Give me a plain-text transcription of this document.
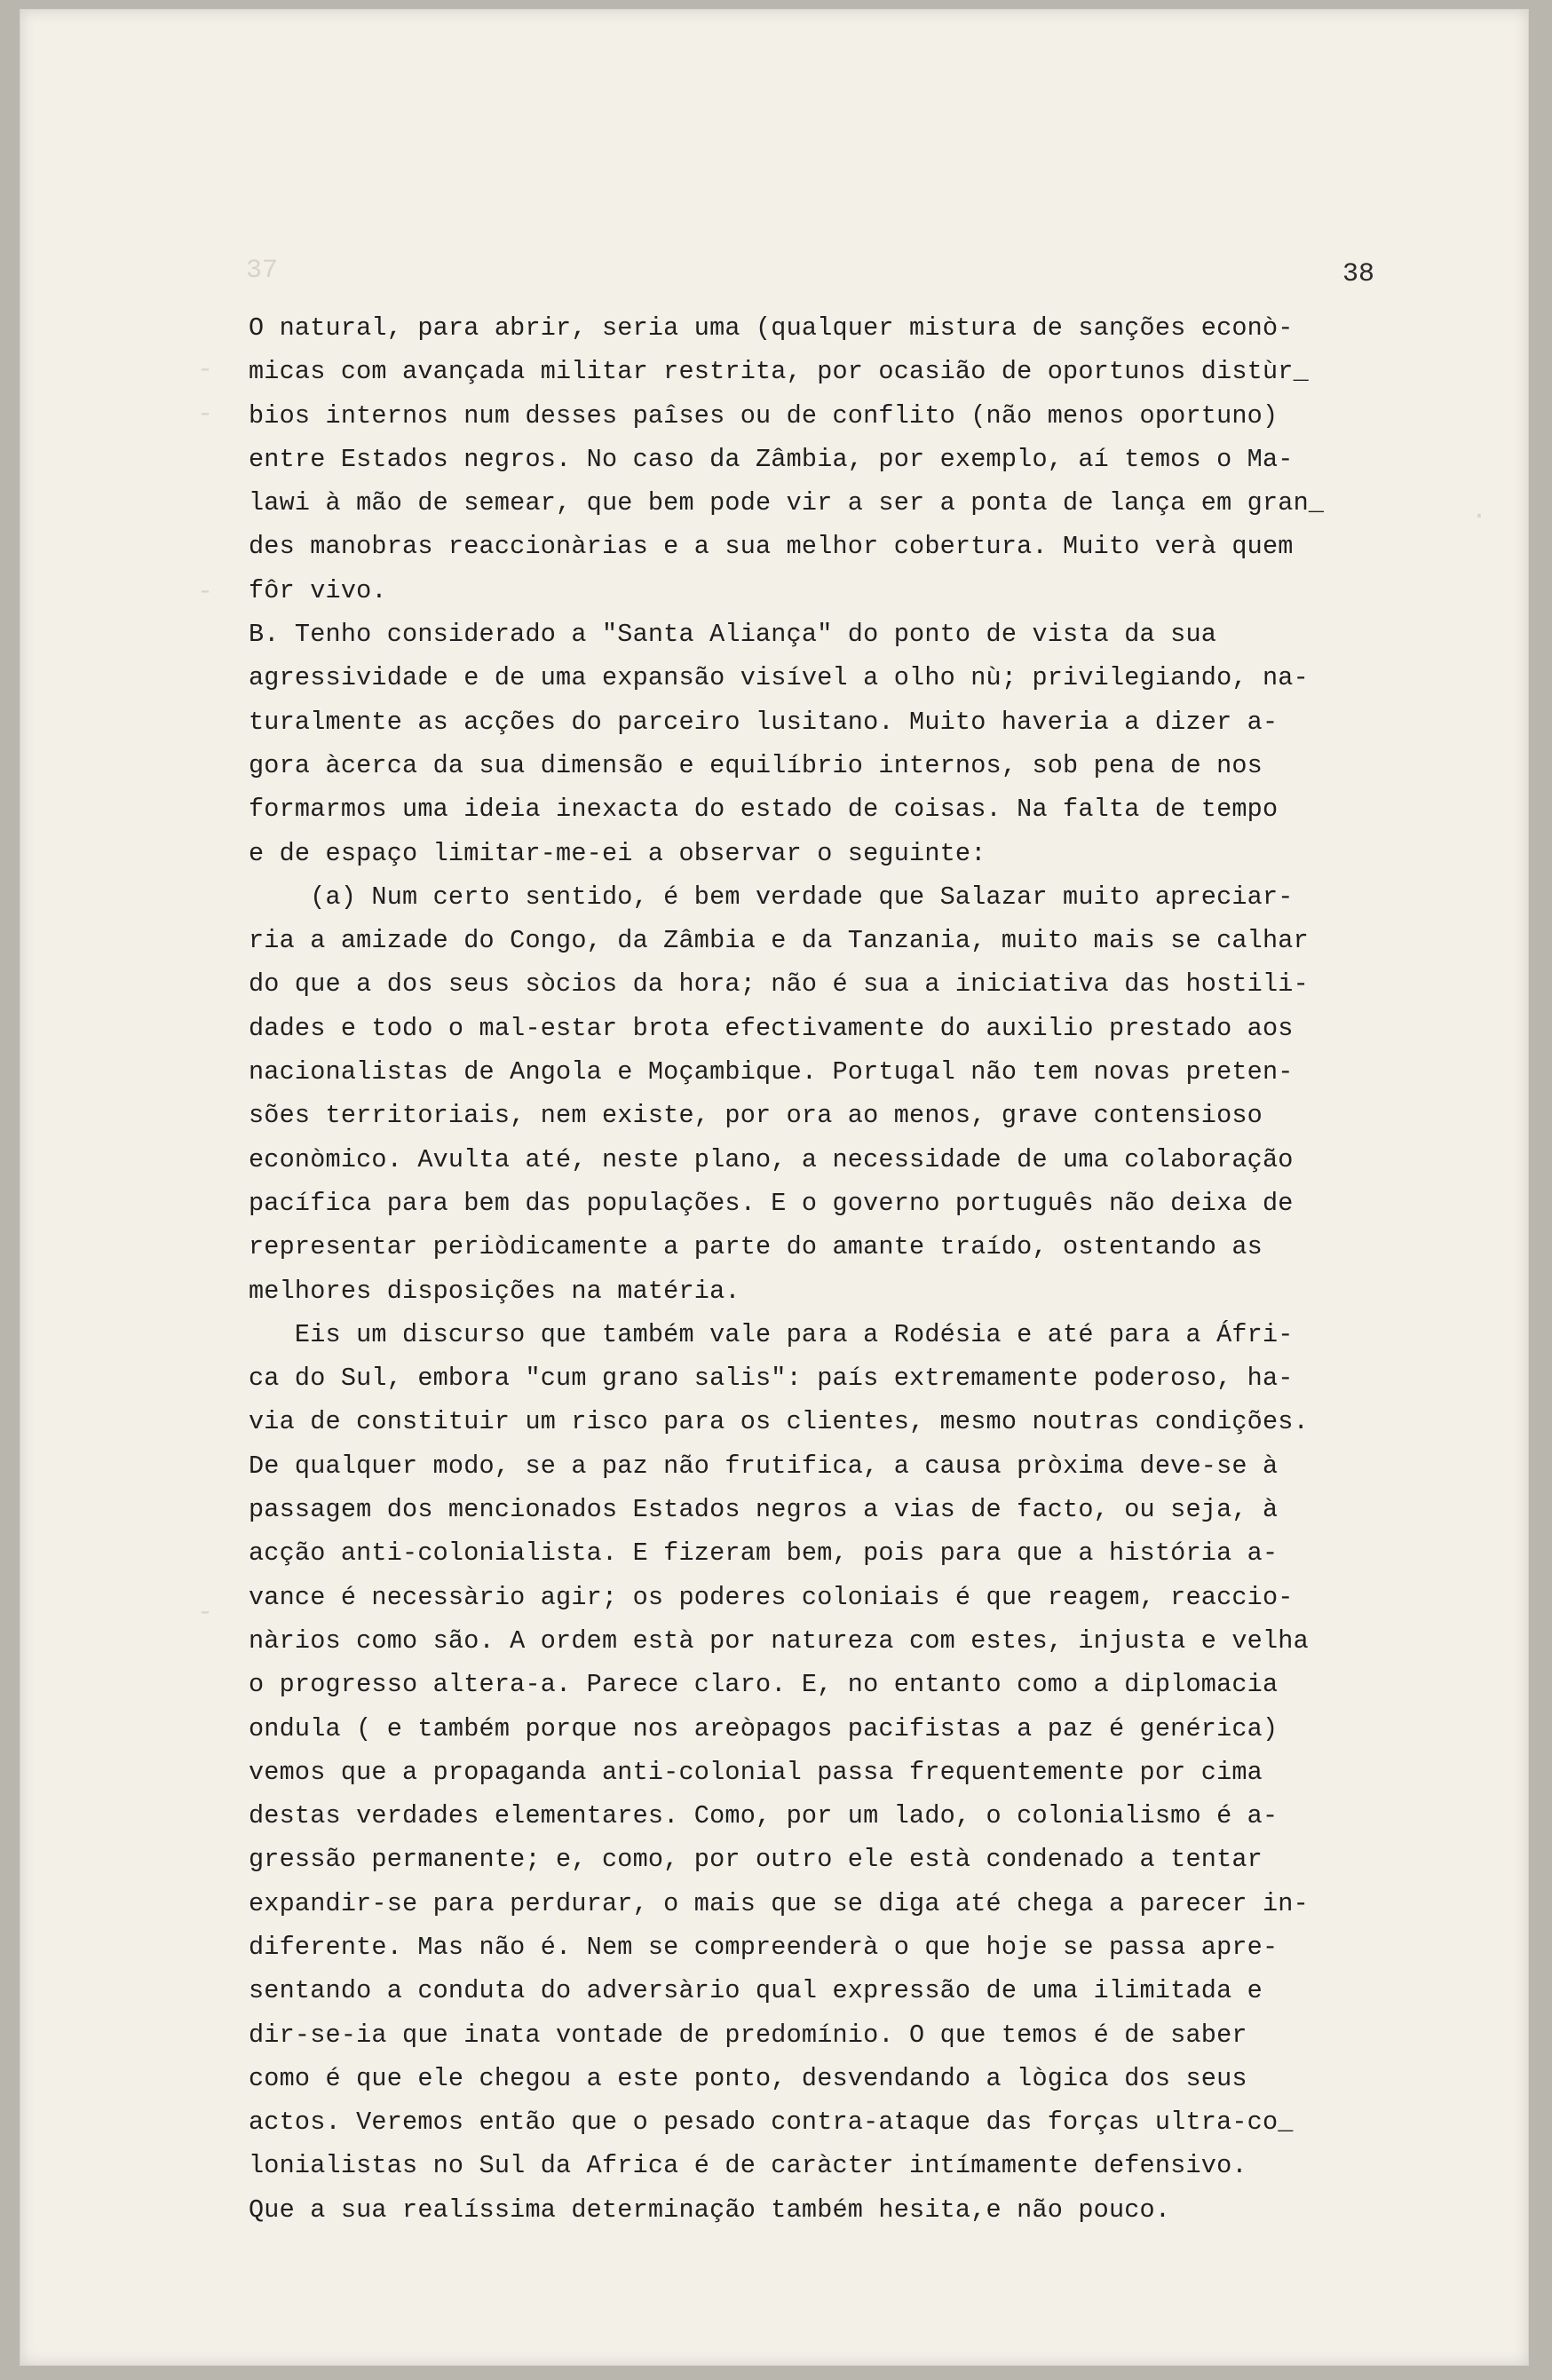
37	38
-
-
-
-
·
O natural, para abrir, seria uma (qualquer mistura de sanções econò-
micas com avançada militar restrita, por ocasião de oportunos distùr_
bios internos num desses paîses ou de conflito (não menos oportuno)
entre Estados negros. No caso da Zâmbia, por exemplo, aí temos o Ma-
lawi à mão de semear, que bem pode vir a ser a ponta de lança em gran_
des manobras reaccionàrias e a sua melhor cobertura. Muito verà quem
fôr vivo.
B. Tenho considerado a "Santa Aliança" do ponto de vista da sua
agressividade e de uma expansão visível a olho nù; privilegiando, na-
turalmente as acções do parceiro lusitano. Muito haveria a dizer a-
gora àcerca da sua dimensão e equilíbrio internos, sob pena de nos
formarmos uma ideia inexacta do estado de coisas. Na falta de tempo
e de espaço limitar-me-ei a observar o seguinte:
(a) Num certo sentido, é bem verdade que Salazar muito apreciar-
ria a amizade do Congo, da Zâmbia e da Tanzania, muito mais se calhar
do que a dos seus sòcios da hora; não é sua a iniciativa das hostili-
dades e todo o mal-estar brota efectivamente do auxilio prestado aos
nacionalistas de Angola e Moçambique. Portugal não tem novas preten-
sões territoriais, nem existe, por ora ao menos, grave contensioso
econòmico. Avulta até, neste plano, a necessidade de uma colaboração
pacífica para bem das populações. E o governo português não deixa de
representar periòdicamente a parte do amante traído, ostentando as
melhores disposições na matéria.
Eis um discurso que também vale para a Rodésia e até para a Áfri-
ca do Sul, embora "cum grano salis": país extremamente poderoso, ha-
via de constituir um risco para os clientes, mesmo noutras condições.
De qualquer modo, se a paz não frutifica, a causa pròxima deve-se à
passagem dos mencionados Estados negros a vias de facto, ou seja, à
acção anti-colonialista. E fizeram bem, pois para que a história a-
vance é necessàrio agir; os poderes coloniais é que reagem, reaccio-
nàrios como são. A ordem està por natureza com estes, injusta e velha
o progresso altera-a. Parece claro. E, no entanto como a diplomacia
ondula ( e também porque nos areòpagos pacifistas a paz é genérica)
vemos que a propaganda anti-colonial passa frequentemente por cima
destas verdades elementares. Como, por um lado, o colonialismo é a-
gressão permanente; e, como, por outro ele està condenado a tentar
expandir-se para perdurar, o mais que se diga até chega a parecer in-
diferente. Mas não é. Nem se compreenderà o que hoje se passa apre-
sentando a conduta do adversàrio qual expressão de uma ilimitada e
dir-se-ia que inata vontade de predomínio. O que temos é de saber
como é que ele chegou a este ponto, desvendando a lògica dos seus
actos. Veremos então que o pesado contra-ataque das forças ultra-co_
lonialistas no Sul da Africa é de caràcter intímamente defensivo.
Que a sua realíssima determinação também hesita,e não pouco.
